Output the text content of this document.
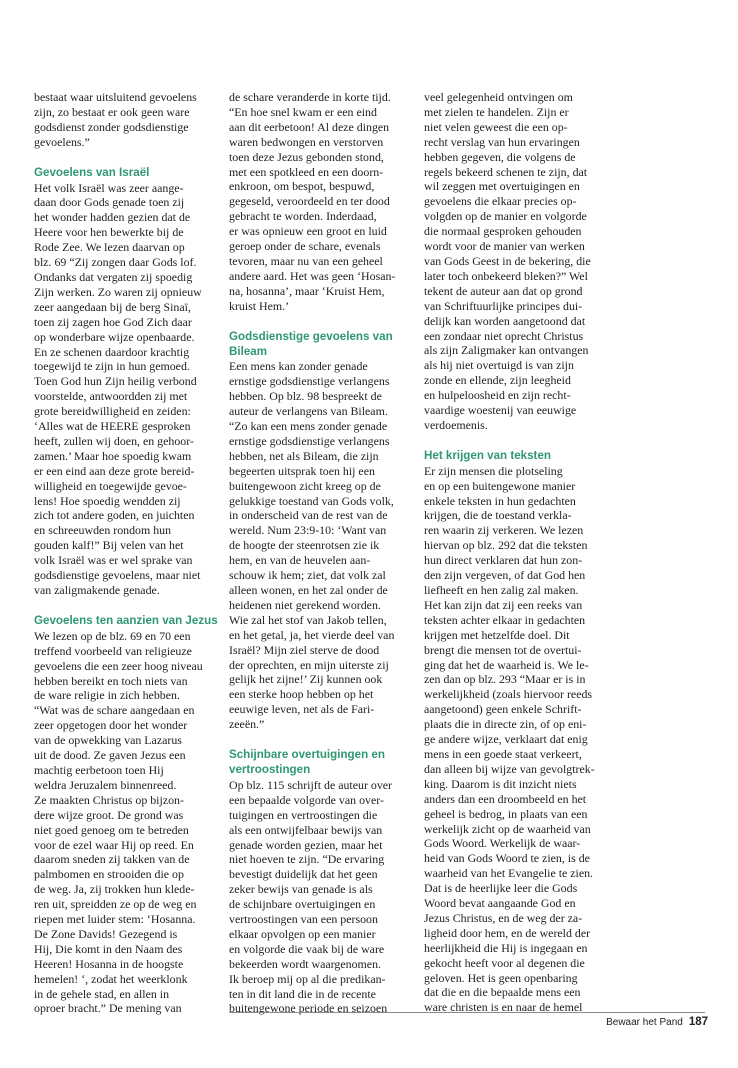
bestaat waar uitsluitend gevoelens
zijn, zo bestaat er ook geen ware
godsdienst zonder godsdienstige
gevoelens.”

Gevoelens van Israël

Het volk Israël was zeer aange-
daan door Gods genade toen zij
het wonder hadden gezien dat de
Heere voor hen bewerkte bij de
Rode Zee. We lezen daarvan op
blz. 69 “Zij zongen daar Gods lof.
Ondanks dat vergaten zij spoedig
Zijn werken. Zo waren zij opnieuw
zeer aangedaan bij de berg Sinaï,
toen zij zagen hoe God Zich daar
op wonderbare wijze openbaarde.
En ze schenen daardoor krachtig
toegewijd te zijn in hun gemoed.
Toen God hun Zijn heilig verbond
voorstelde, antwoordden zij met
grote bereidwilligheid en zeiden:
‘Alles wat de HEERE gesproken
heeft, zullen wij doen, en gehoor-
zamen.’ Maar hoe spoedig kwam
er een eind aan deze grote bereid-
willigheid en toegewijde gevoe-
lens! Hoe spoedig wendden zij
zich tot andere goden, en juichten
en schreeuwden rondom hun
gouden kalf!” Bij velen van het
volk Israël was er wel sprake van
godsdienstige gevoelens, maar niet
van zaligmakende genade.

Gevoelens ten aanzien van Jezus

We lezen op de blz. 69 en 70 een
treffend voorbeeld van religieuze
gevoelens die een zeer hoog niveau
hebben bereikt en toch niets van
de ware religie in zich hebben.
“Wat was de schare aangedaan en
zeer opgetogen door het wonder
van de opwekking van Lazarus
uit de dood. Ze gaven Jezus een
machtig eerbetoon toen Hij
weldra Jeruzalem binnenreed.
Ze maakten Christus op bijzon-
dere wijze groot. De grond was
niet goed genoeg om te betreden
voor de ezel waar Hij op reed. En
daarom sneden zij takken van de
palmbomen en strooiden die op
de weg. Ja, zij trokken hun klede-
ren uit, spreidden ze op de weg en
riepen met luider stem: ‘Hosanna.
De Zone Davids! Gezegend is
Hij, Die komt in den Naam des
Heeren! Hosanna in de hoogste
hemelen! ‘, zodat het weerklonk
in de gehele stad, en allen in
oproer bracht.” De mening van

de schare veranderde in korte tijd.
“En hoe snel kwam er een eind
aan dit eerbetoon! Al deze dingen
waren bedwongen en verstorven
toen deze Jezus gebonden stond,
met een spotkleed en een doorn-
enkroon, om bespot, bespuwd,
gegeseld, veroordeeld en ter dood
gebracht te worden. Inderdaad,
er was opnieuw een groot en luid
geroep onder de schare, evenals
tevoren, maar nu van een geheel
andere aard. Het was geen ‘Hosan-
na, hosanna’, maar ‘Kruist Hem,
kruist Hem.’

Godsdienstige gevoelens van
Bileam

Een mens kan zonder genade
ernstige godsdienstige verlangens
hebben. Op blz. 98 bespreekt de
auteur de verlangens van Bileam.
“Zo kan een mens zonder genade
ernstige godsdienstige verlangens
hebben, net als Bileam, die zijn
begeerten uitsprak toen hij een
buitengewoon zicht kreeg op de
gelukkige toestand van Gods volk,
in onderscheid van de rest van de
wereld. Num 23:9-10: ‘Want van
de hoogte der steenrotsen zie ik
hem, en van de heuvelen aan-
schouw ik hem; ziet, dat volk zal
alleen wonen, en het zal onder de
heidenen niet gerekend worden.
Wie zal het stof van Jakob tellen,
en het getal, ja, het vierde deel van
Israël? Mijn ziel sterve de dood
der oprechten, en mijn uiterste zij
gelijk het zijne!’ Zij kunnen ook
een sterke hoop hebben op het
eeuwige leven, net als de Fari-
zeeën.”

Schijnbare overtuigingen en
vertroostingen

Op blz. 115 schrijft de auteur over
een bepaalde volgorde van over-
tuigingen en vertroostingen die
als een ontwijfelbaar bewijs van
genade worden gezien, maar het
niet hoeven te zijn. “De ervaring
bevestigt duidelijk dat het geen
zeker bewijs van genade is als
de schijnbare overtuigingen en
vertroostingen van een persoon
elkaar opvolgen op een manier
en volgorde die vaak bij de ware
bekeerden wordt waargenomen.
Ik beroep mij op al die predikan-
ten in dit land die in de recente
buitengewone periode en seizoen

veel gelegenheid ontvingen om
met zielen te handelen. Zijn er
niet velen geweest die een op-
recht verslag van hun ervaringen
hebben gegeven, die volgens de
regels bekeerd schenen te zijn, dat
wil zeggen met overtuigingen en
gevoelens die elkaar precies op-
volgden op de manier en volgorde
die normaal gesproken gehouden
wordt voor de manier van werken
van Gods Geest in de bekering, die
later toch onbekeerd bleken?” Wel
tekent de auteur aan dat op grond
van Schriftuurlijke principes dui-
delijk kan worden aangetoond dat
een zondaar niet oprecht Christus
als zijn Zaligmaker kan ontvangen
als hij niet overtuigd is van zijn
zonde en ellende, zijn leegheid
en hulpeloosheid en zijn recht-
vaardige woestenij van eeuwige
verdoemenis.

Het krijgen van teksten

Er zijn mensen die plotseling
en op een buitengewone manier
enkele teksten in hun gedachten
krijgen, die de toestand verkla-
ren waarin zij verkeren. We lezen
hiervan op blz. 292 dat die teksten
hun direct verklaren dat hun zon-
den zijn vergeven, of dat God hen
liefheeft en hen zalig zal maken.
Het kan zijn dat zij een reeks van
teksten achter elkaar in gedachten
krijgen met hetzelfde doel. Dit
brengt die mensen tot de overtui-
ging dat het de waarheid is. We le-
zen dan op blz. 293 “Maar er is in
werkelijkheid (zoals hiervoor reeds
aangetoond) geen enkele Schrift-
plaats die in directe zin, of op eni-
ge andere wijze, verklaart dat enig
mens in een goede staat verkeert,
dan alleen bij wijze van gevolgtrek-
king. Daarom is dit inzicht niets
anders dan een droombeeld en het
geheel is bedrog, in plaats van een
werkelijk zicht op de waarheid van
Gods Woord. Werkelijk de waar-
heid van Gods Woord te zien, is de
waarheid van het Evangelie te zien.
Dat is de heerlijke leer die Gods
Woord bevat aangaande God en
Jezus Christus, en de weg der za-
ligheid door hem, en de wereld der
heerlijkheid die Hij is ingegaan en
gekocht heeft voor al degenen die
geloven. Het is geen openbaring
dat die en die bepaalde mens een
ware christen is en naar de hemel

Bewaar het Pand 187
